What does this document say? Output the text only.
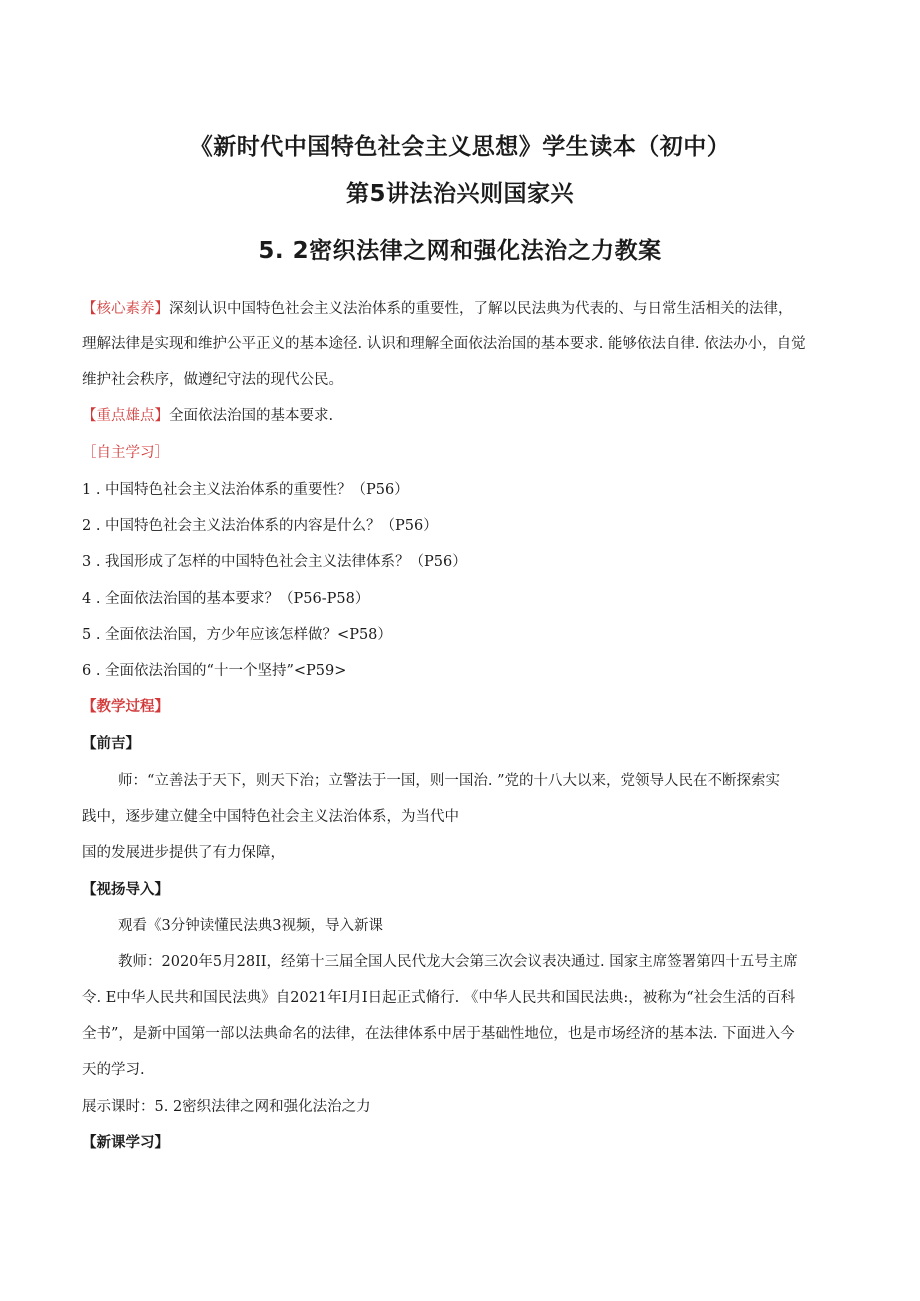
《新时代中国特色社会主义思想》学生读本（初中）
第5讲法治兴则国家兴
5. 2密织法律之网和强化法治之力教案
【核心素养】深刻认识中国特色社会主义法治体系的重要性，了解以民法典为代表的、与日常生活相关的法律，
理解法律是实现和维护公平正义的基本途径. 认识和理解全面依法治国的基本要求. 能够依法自律. 依法办小，自觉
维护社会秩序，做遵纪守法的现代公民。
【重点雄点】全面依法治国的基本要求.
［自主学习］
1 . 中国特色社会主义法治体系的重要性？（P56）
2 . 中国特色社会主义法治体系的内容是什么？（P56）
3 . 我国形成了怎样的中国特色社会主义法律体系？（P56）
4 . 全面依法治国的基本要求？（P56-P58）
5 . 全面依法治国，方少年应该怎样做？<P58）
6 . 全面依法治国的“十一个坚持”<P59>
【教学过程】
【前吉】
师：“立善法于天下，则天下治；立警法于一国，则一国治. ”党的十八大以来，党领导人民在不断探索实
践中，逐步建立健全中国特色社会主义法治体系，为当代中
国的发展进步提供了有力保障，
【视扬导入】
观看《3分钟读懂民法典3视频，导入新课
教师：2020年5月28II，经第十三届全国人民代龙大会第三次会议表决通过. 国家主席签署第四十五号主席
令. E中华人民共和国民法典》自2021年I月I日起正式脩行. 《中华人民共和国民法典:，被称为“社会生活的百科
全书”，是新中国第一部以法典命名的法律，在法律体系中居于基础性地位，也是市场经济的基本法. 下面进入今
天的学习.
展示课时：5. 2密织法律之网和强化法治之力
【新课学习】
